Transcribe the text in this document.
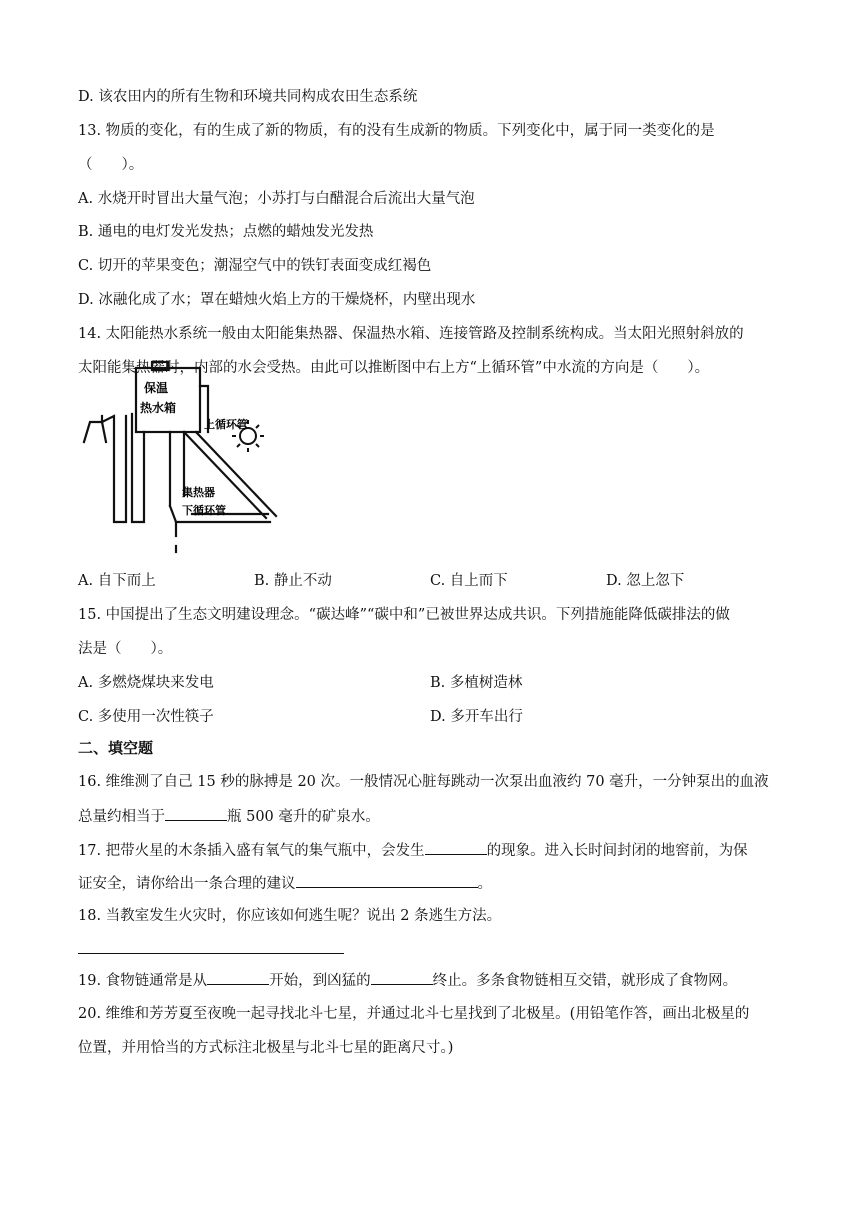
D. 该农田内的所有生物和环境共同构成农田生态系统
13. 物质的变化，有的生成了新的物质，有的没有生成新的物质。下列变化中，属于同一类变化的是
（　　）。
A. 水烧开时冒出大量气泡；小苏打与白醋混合后流出大量气泡
B. 通电的电灯发光发热；点燃的蜡烛发光发热
C. 切开的苹果变色；潮湿空气中的铁钉表面变成红褐色
D. 冰融化成了水；罩在蜡烛火焰上方的干燥烧杯，内壁出现水
14. 太阳能热水系统一般由太阳能集热器、保温热水箱、连接管路及控制系统构成。当太阳光照射斜放的
太阳能集热器时，内部的水会受热。由此可以推断图中右上方“上循环管”中水流的方向是（　　）。
保温
热水箱
上循环管
集热器
下循环管
A. 自下而上	B. 静止不动	C. 自上而下	D. 忽上忽下
15. 中国提出了生态文明建设理念。“碳达峰”“碳中和”已被世界达成共识。下列措施能降低碳排法的做
法是（　　）。
A. 多燃烧煤块来发电	B. 多植树造林
C. 多使用一次性筷子	D. 多开车出行
二、填空题
16. 维维测了自己 15 秒的脉搏是 20 次。一般情况心脏每跳动一次泵出血液约 70 毫升，一分钟泵出的血液
总量约相当于	瓶 500 毫升的矿泉水。
17. 把带火星的木条插入盛有氧气的集气瓶中，会发生	的现象。进入长时间封闭的地窖前，为保
证安全，请你给出一条合理的建议	。
18. 当教室发生火灾时，你应该如何逃生呢？说出 2 条逃生方法。
19. 食物链通常是从	开始，到凶猛的	终止。多条食物链相互交错，就形成了食物网。
20. 维维和芳芳夏至夜晚一起寻找北斗七星，并通过北斗七星找到了北极星。(用铅笔作答，画出北极星的
位置，并用恰当的方式标注北极星与北斗七星的距离尺寸。)
